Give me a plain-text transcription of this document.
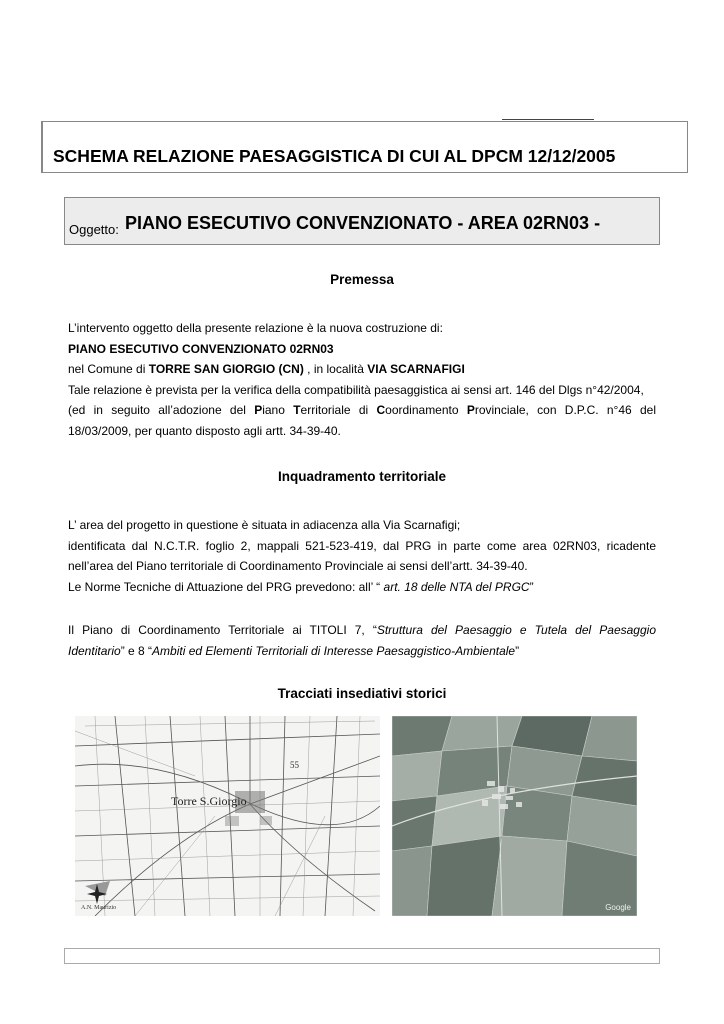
SCHEMA RELAZIONE PAESAGGISTICA DI CUI AL DPCM 12/12/2005
Oggetto: PIANO ESECUTIVO CONVENZIONATO - AREA 02RN03 -
Premessa

L’intervento oggetto della presente relazione è la nuova costruzione di:

PIANO ESECUTIVO CONVENZIONATO 02RN03

nel Comune di TORRE SAN GIORGIO (CN) , in località VIA SCARNAFIGI

Tale relazione è prevista per la verifica della compatibilità paesaggistica ai sensi art. 146 del Dlgs n°42/2004,

(ed in seguito all’adozione del Piano Territoriale di Coordinamento Provinciale, con D.P.C. n°46 del

18/03/2009, per quanto disposto agli artt. 34-39-40.

Inquadramento territoriale

L’ area del progetto in questione è situata in adiacenza alla Via Scarnafigi;

identificata dal N.C.T.R. foglio 2, mappali 521-523-419, dal PRG in parte come area 02RN03, ricadente

nell’area del Piano territoriale di Coordinamento Provinciale ai sensi dell’artt. 34-39-40.

Le Norme Tecniche di Attuazione del PRG prevedono: all’ “ art. 18 delle NTA del PRGC”

Il Piano di Coordinamento Territoriale ai TITOLI 7, “Struttura del Paesaggio e Tutela del Paesaggio

Identitario” e 8 “Ambiti ed Elementi Territoriali di Interesse Paesaggistico-Ambientale”

Tracciati insediativi storici
Torre S.Giorgio
55
A.N. Maurizio	Google
